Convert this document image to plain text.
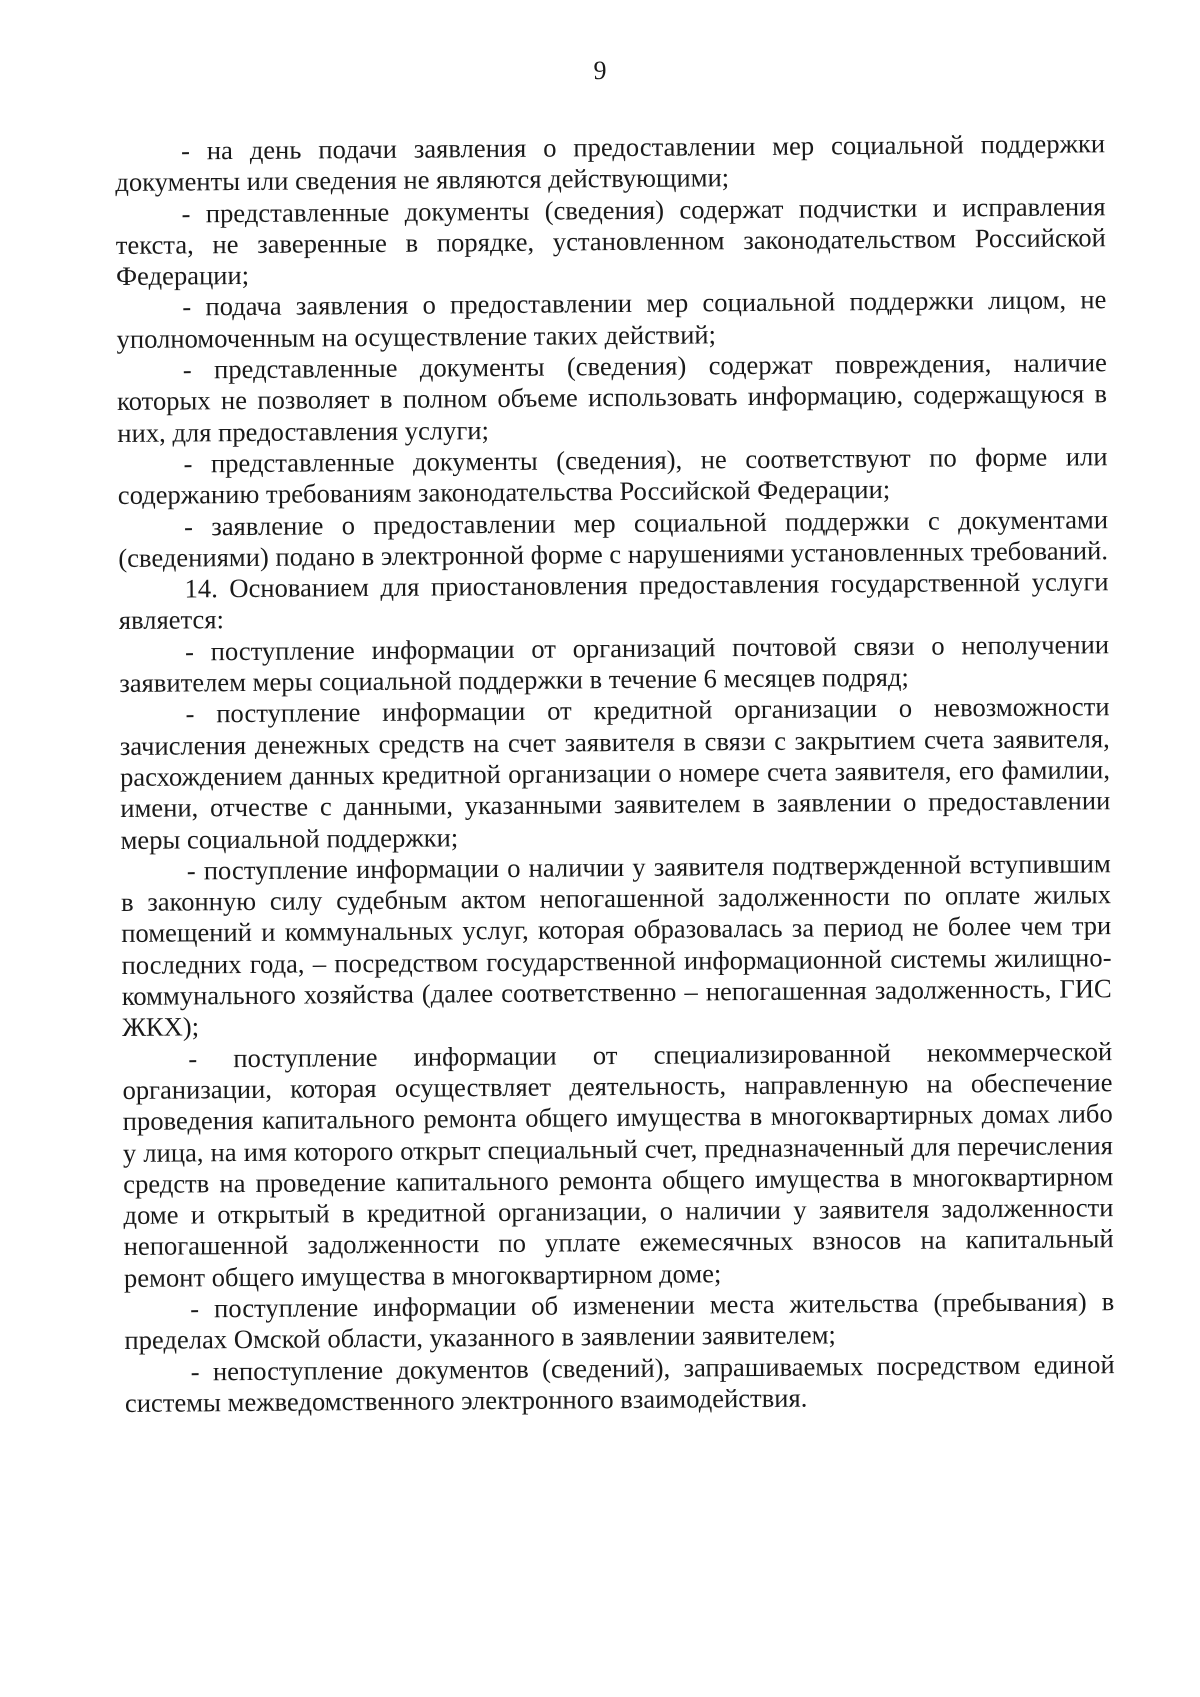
9

- на день подачи заявления о предоставлении мер социальной поддержки документы или сведения не являются действующими;

- представленные документы (сведения) содержат подчистки и исправления текста, не заверенные в порядке, установленном законодательством Российской Федерации;

- подача заявления о предоставлении мер социальной поддержки лицом, не уполномоченным на осуществление таких действий;

- представленные документы (сведения) содержат повреждения, наличие которых не позволяет в полном объеме использовать информацию, содержащуюся в них, для предоставления услуги;

- представленные документы (сведения), не соответствуют по форме или содержанию требованиям законодательства Российской Федерации;

- заявление о предоставлении мер социальной поддержки с документами (сведениями) подано в электронной форме с нарушениями установленных требований.

14. Основанием для приостановления предоставления государственной услуги является:

- поступление информации от организаций почтовой связи о неполучении заявителем меры социальной поддержки в течение 6 месяцев подряд;

- поступление информации от кредитной организации о невозможности зачисления денежных средств на счет заявителя в связи с закрытием счета заявителя, расхождением данных кредитной организации о номере счета заявителя, его фамилии, имени, отчестве с данными, указанными заявителем в заявлении о предоставлении меры социальной поддержки;

- поступление информации о наличии у заявителя подтвержденной вступившим в законную силу судебным актом непогашенной задолженности по оплате жилых помещений и коммунальных услуг, которая образовалась за период не более чем три последних года, – посредством государственной информационной системы жилищно-коммунального хозяйства (далее соответственно – непогашенная задолженность, ГИС ЖКХ);

- поступление информации от специализированной некоммерческой организации, которая осуществляет деятельность, направленную на обеспечение проведения капитального ремонта общего имущества в многоквартирных домах либо у лица, на имя которого открыт специальный счет, предназначенный для перечисления средств на проведение капитального ремонта общего имущества в многоквартирном доме и открытый в кредитной организации, о наличии у заявителя задолженности непогашенной задолженности по уплате ежемесячных взносов на капитальный ремонт общего имущества в многоквартирном доме;

- поступление информации об изменении места жительства (пребывания) в пределах Омской области, указанного в заявлении заявителем;

- непоступление документов (сведений), запрашиваемых посредством единой системы межведомственного электронного взаимодействия.
